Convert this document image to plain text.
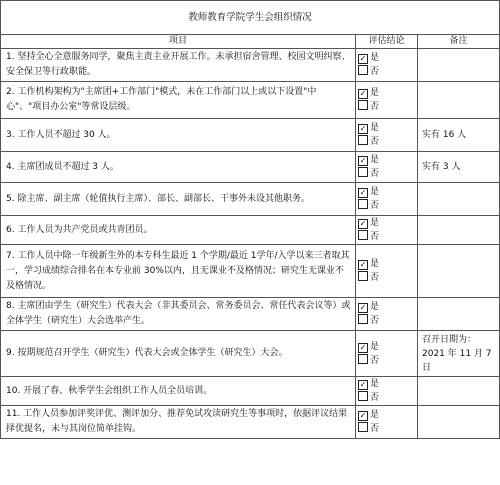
教师教育学院学生会组织情况		
项目	评估结论	备注
1. 坚持全心全意服务同学，聚焦主责主业开展工作。未承担宿舍管理、校园文明纠察、安全保卫等行政职能。	✓ 是
否	

2. 工作机构架构为"主席团+工作部门"模式，未在工作部门以上或以下设置"中心"、"项目办公室"等常设层级。	✓ 是
否	

3. 工作人员不超过 30 人。	✓ 是
否	实有 16 人
4. 主席团成员不超过 3 人。	✓ 是
否	实有 3 人
5. 除主席、副主席（轮值执行主席）、部长、副部长、干事外未设其他职务。	✓ 是
否	

6. 工作人员为共产党员或共青团员。	✓ 是
否	

7. 工作人员中除一年级新生外的本专科生最近 1 个学期/最近 1学年/入学以来三者取其一，学习成绩综合排名在本专业前 30%以内，且无课业不及格情况；研究生无课业不及格情况。	✓ 是
否	

8. 主席团由学生（研究生）代表大会（非其委员会、常务委员会、常任代表会议等）或全体学生（研究生）大会选举产生。	✓ 是
否	

9. 按期规范召开学生（研究生）代表大会或全体学生（研究生）大会。	✓ 是
否	召开日期为：2021 年 11 月 7 日
10. 开展了春、秋季学生会组织工作人员全员培训。	✓ 是
否	

11. 工作人员参加评奖评优、测评加分、推荐免试攻读研究生等事项时，依据评议结果择优提名，未与其岗位简单挂钩。	✓ 是
否	
